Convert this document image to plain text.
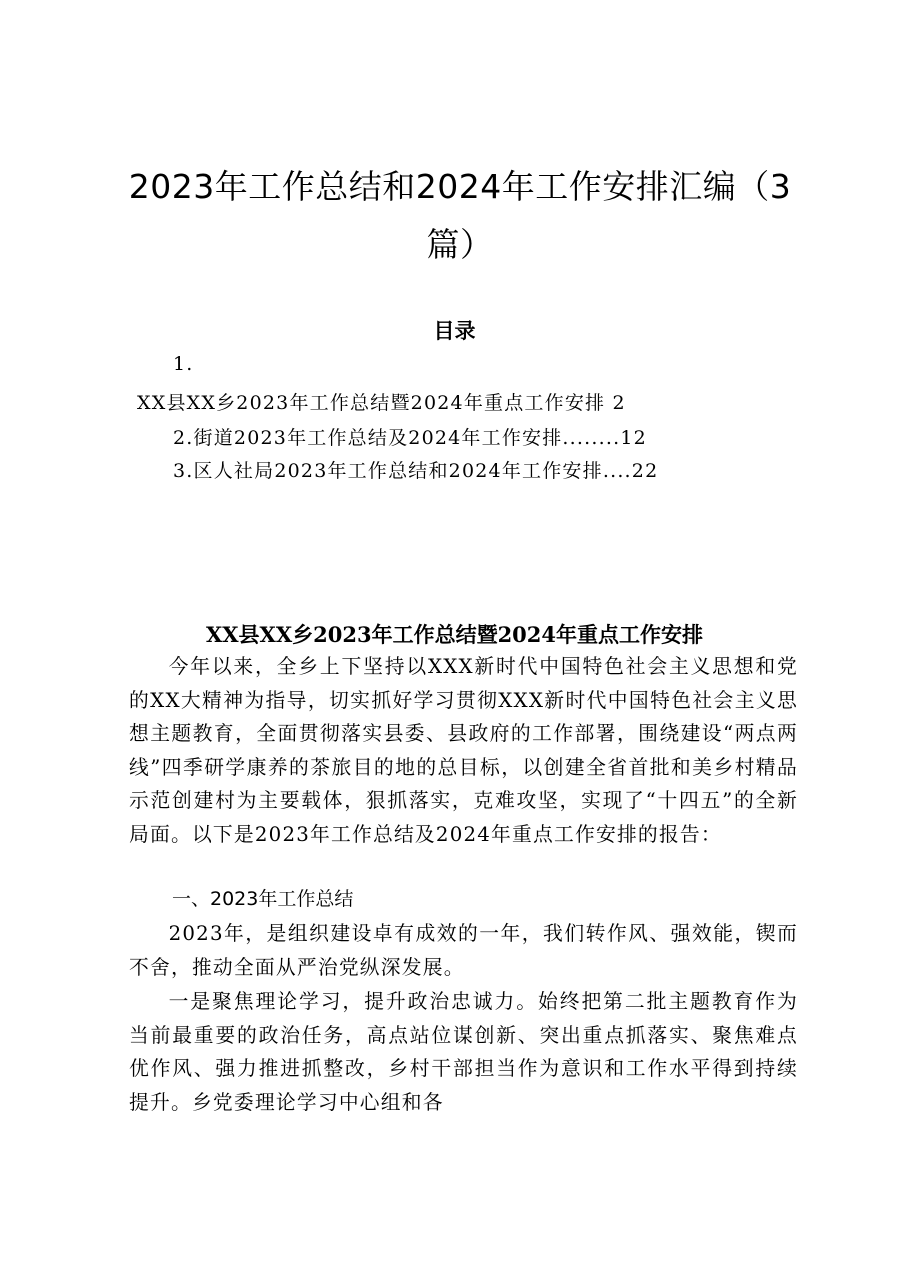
2023年工作总结和2024年工作安排汇编（3篇）
目录
1.
XX县XX乡2023年工作总结暨2024年重点工作安排 2
2.街道2023年工作总结及2024年工作安排........12
3.区人社局2023年工作总结和2024年工作安排....22
XX县XX乡2023年工作总结暨2024年重点工作安排

今年以来，全乡上下坚持以XXX新时代中国特色社会主义思想和党的XX大精神为指导，切实抓好学习贯彻XXX新时代中国特色社会主义思想主题教育，全面贯彻落实县委、县政府的工作部署，围绕建设“两点两线”四季研学康养的茶旅目的地的总目标，以创建全省首批和美乡村精品示范创建村为主要载体，狠抓落实，克难攻坚，实现了“十四五”的全新局面。以下是2023年工作总结及2024年重点工作安排的报告：

一、2023年工作总结

2023年，是组织建设卓有成效的一年，我们转作风、强效能，锲而不舍，推动全面从严治党纵深发展。

一是聚焦理论学习，提升政治忠诚力。始终把第二批主题教育作为当前最重要的政治任务，高点站位谋创新、突出重点抓落实、聚焦难点优作风、强力推进抓整改，乡村干部担当作为意识和工作水平得到持续提升。乡党委理论学习中心组和各
